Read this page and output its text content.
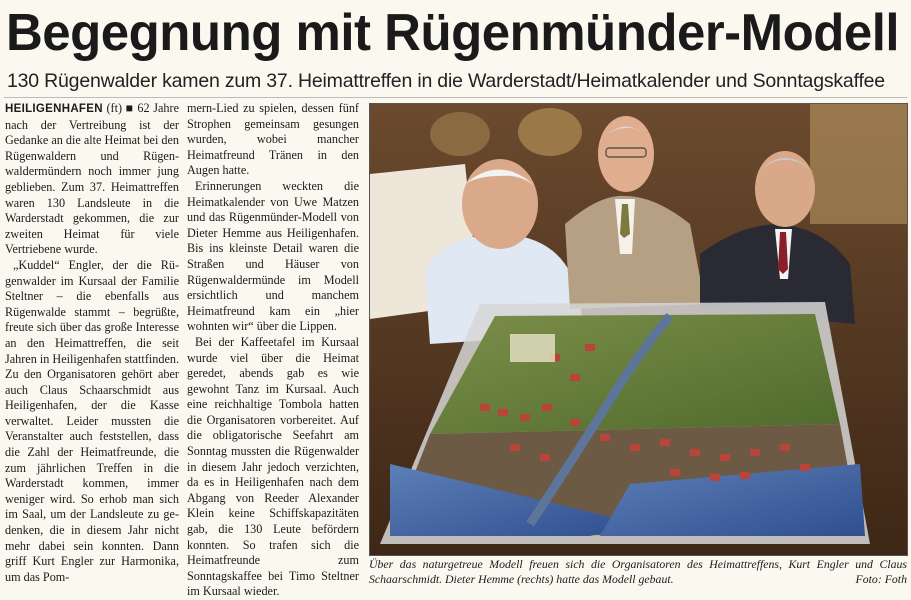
Begegnung mit Rügenmünder-Modell
130 Rügenwalder kamen zum 37. Heimattreffen in die Warderstadt/Heimatkalender und Sonntagskaffee

HEILIGENHAFEN (ft) ■ 62 Jahre nach der Vertreibung ist der Gedanke an die alte Heimat bei den Rügenwaldern und Rügenwaldermündern noch immer jung geblieben. Zum 37. Heimattreffen waren 130 Landsleute in die Warderstadt gekommen, die zur zweiten Heimat für viele Vertriebene wurde.

„Kuddel“ Engler, der die Rügenwalder im Kursaal der Familie Steltner – die ebenfalls aus Rügenwalde stammt – begrüßte, freute sich über das große Interesse an den Heimattreffen, die seit Jahren in Heiligenhafen stattfinden. Zu den Organisatoren gehört aber auch Claus Schaarschmidt aus Heiligenhafen, der die Kasse verwaltet. Leider mussten die Veranstalter auch feststellen, dass die Zahl der Heimatfreunde, die zum jährlichen Treffen in die Warderstadt kommen, immer weniger wird. So erhob man sich im Saal, um der Landsleute zu gedenken, die in diesem Jahr nicht mehr dabei sein konnten. Dann griff Kurt Engler zur Harmonika, um das Pom-

mern-Lied zu spielen, dessen fünf Strophen gemeinsam gesungen wurden, wobei mancher Heimatfreund Tränen in den Augen hatte.

Erinnerungen weckten die Heimatkalender von Uwe Matzen und das Rügenmünder-Modell von Dieter Hemme aus Heiligenhafen. Bis ins kleinste Detail waren die Straßen und Häuser von Rügenwaldermünde im Modell ersichtlich und manchem Heimatfreund kam ein „hier wohnten wir“ über die Lippen.

Bei der Kaffeetafel im Kursaal wurde viel über die Heimat geredet, abends gab es wie gewohnt Tanz im Kursaal. Auch eine reichhaltige Tombola hatten die Organisatoren vorbereitet. Auf die obligatorische Seefahrt am Sonntag mussten die Rügenwalder in diesem Jahr jedoch verzichten, da es in Heiligenhafen nach dem Abgang von Reeder Alexander Klein keine Schiffskapazitäten gab, die 130 Leute befördern konnten. So trafen sich die Heimatfreunde zum Sonntagskaffee bei Timo Steltner im Kursaal wieder.

Über das naturgetreue Modell freuen sich die Organisatoren des Heimattreffens, Kurt Engler und Claus Schaarschmidt. Dieter Hemme (rechts) hatte das Modell gebaut.	Foto: Foth
